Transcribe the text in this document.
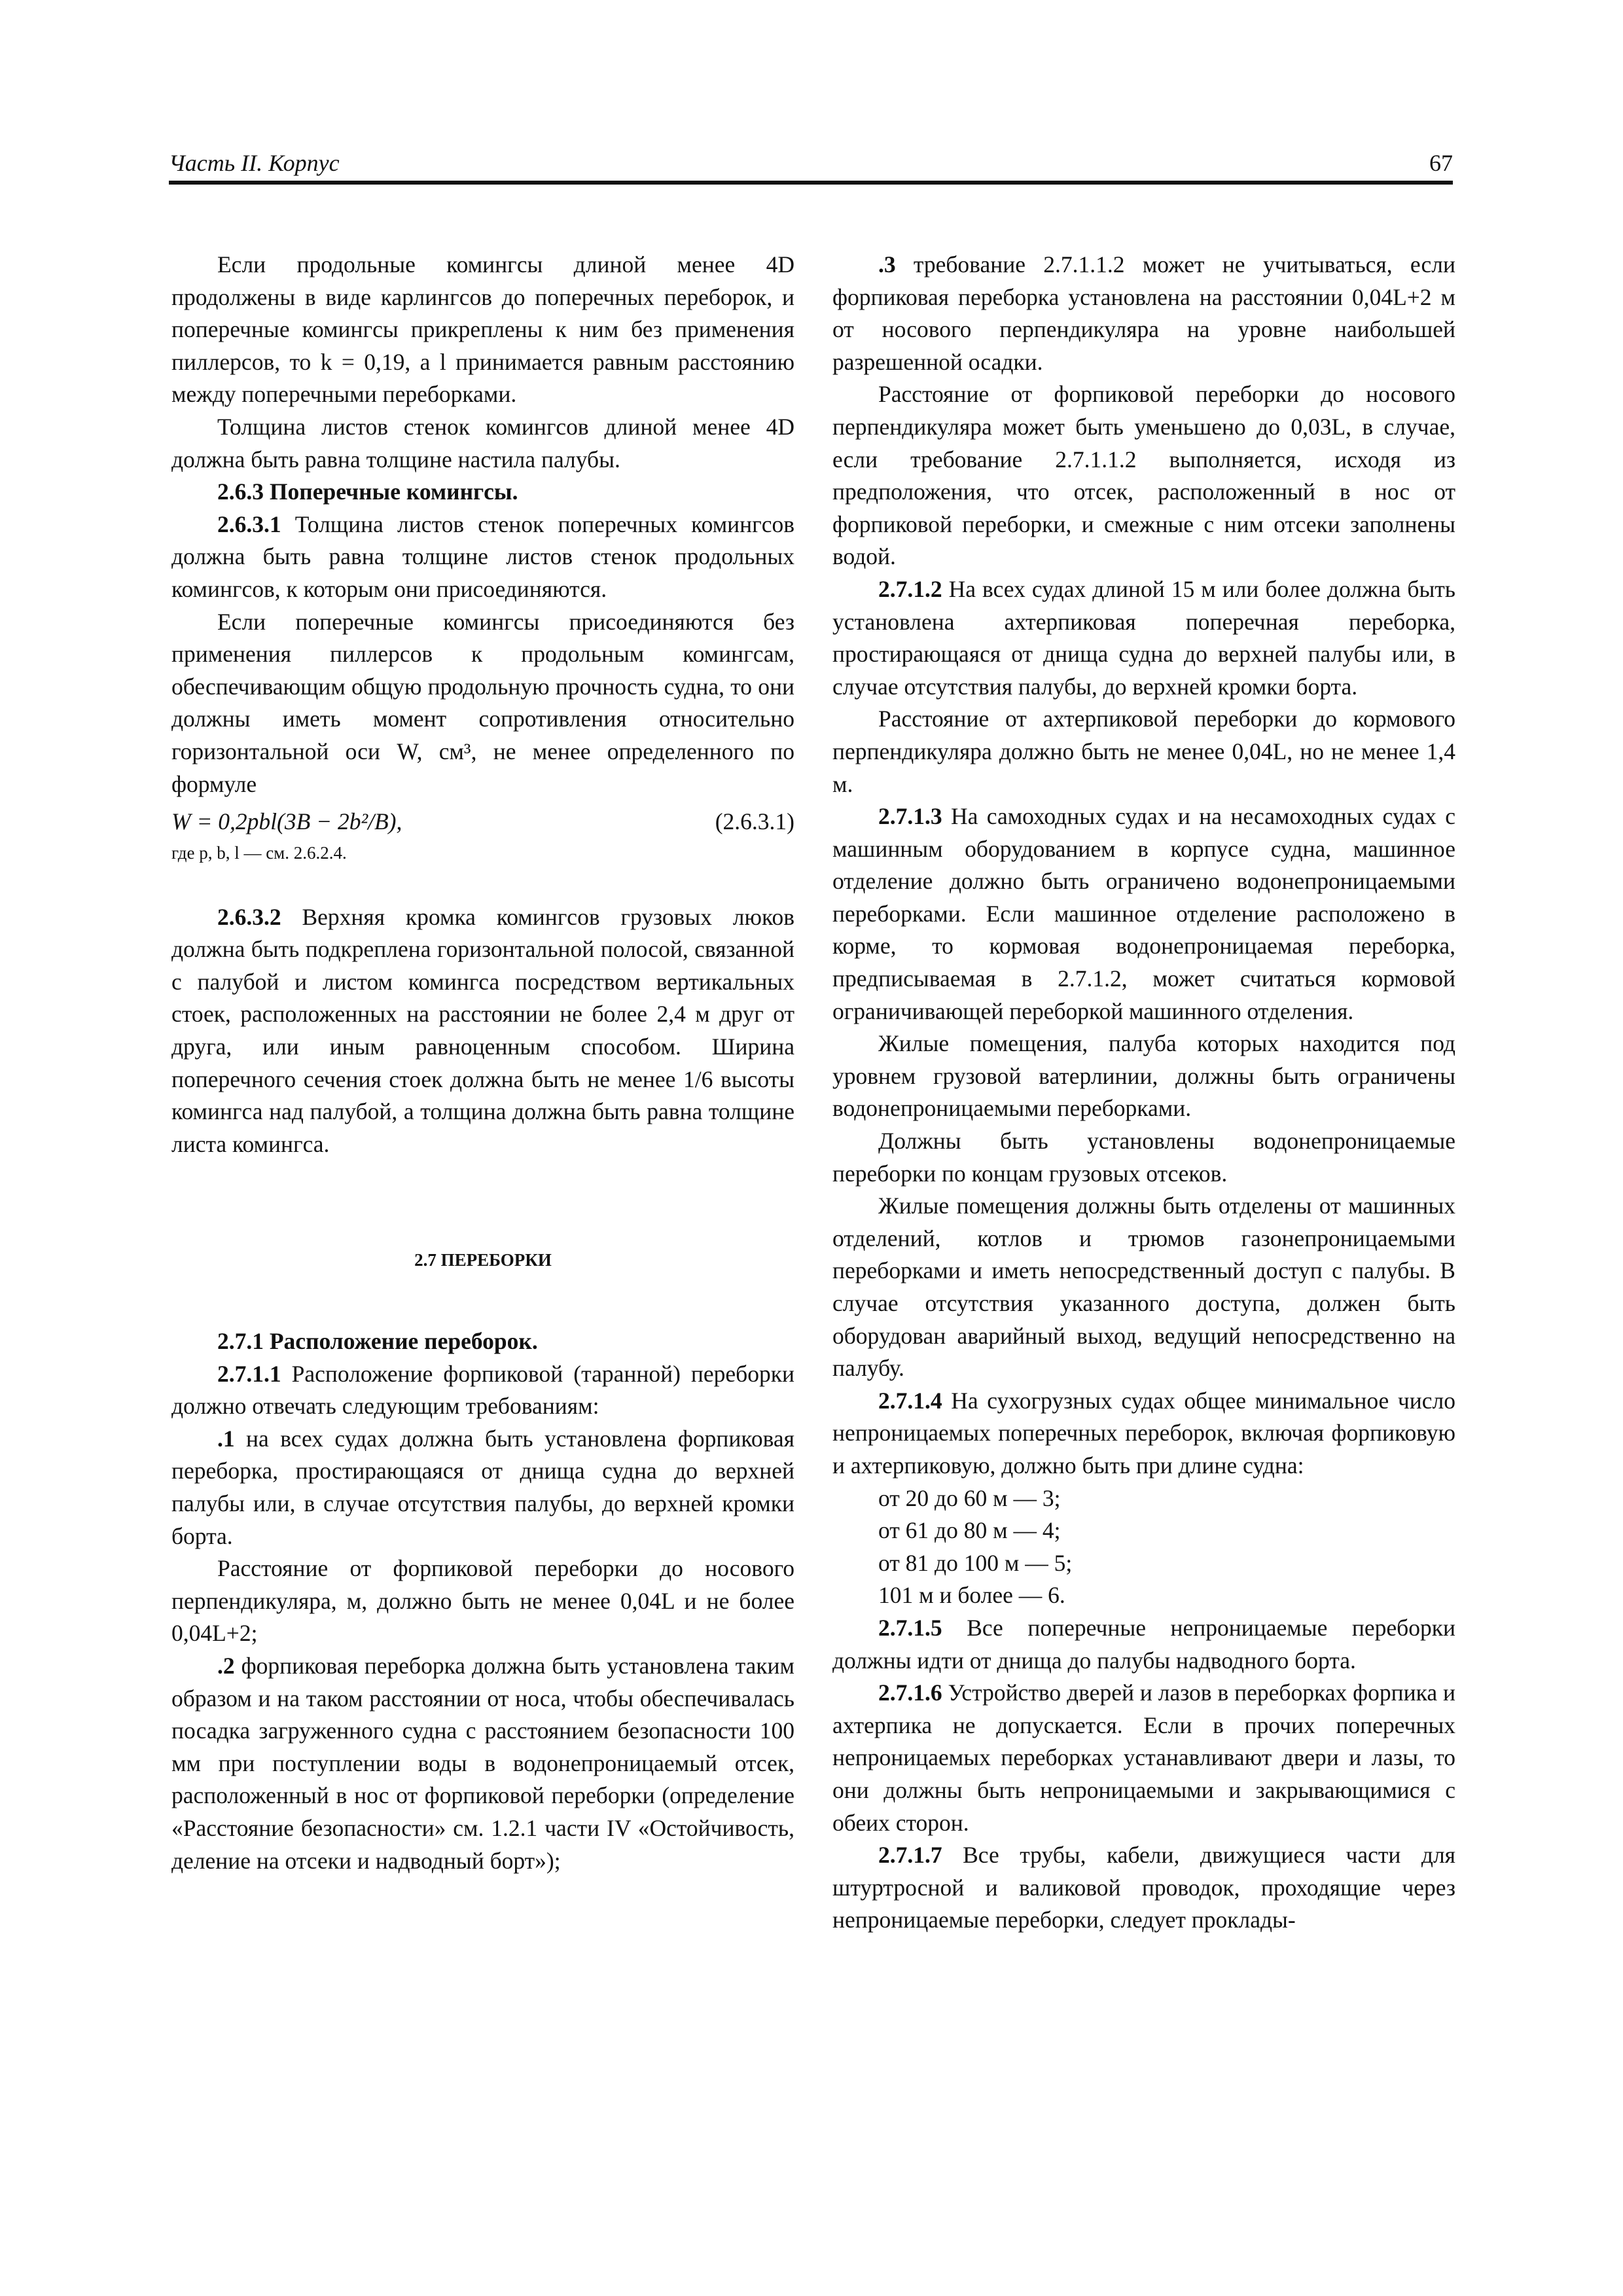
Часть II. Корпус	67

Если продольные комингсы длиной менее 4D продолжены в виде карлингсов до поперечных переборок, и поперечные комингсы прикреплены к ним без применения пиллерсов, то k = 0,19, а l принимается равным расстоянию между поперечными переборками.

Толщина листов стенок комингсов длиной менее 4D должна быть равна толщине настила палубы.

2.6.3 Поперечные комингсы.

2.6.3.1 Толщина листов стенок поперечных комингсов должна быть равна толщине листов стенок продольных комингсов, к которым они присоединяются.

Если поперечные комингсы присоединяются без применения пиллерсов к продольным комингсам, обеспечивающим общую продольную прочность судна, то они должны иметь момент сопротивления относительно горизонтальной оси W, см³, не менее определенного по формуле

W = 0,2pbl(3B − 2b²/B),	(2.6.3.1)
где p, b, l — см. 2.6.2.4.

2.6.3.2 Верхняя кромка комингсов грузовых люков должна быть подкреплена горизонтальной полосой, связанной с палубой и листом комингса посредством вертикальных стоек, расположенных на расстоянии не более 2,4 м друг от друга, или иным равноценным способом. Ширина поперечного сечения стоек должна быть не менее 1/6 высоты комингса над палубой, а толщина должна быть равна толщине листа комингса.

2.7 ПЕРЕБОРКИ

2.7.1 Расположение переборок.

2.7.1.1 Расположение форпиковой (таранной) переборки должно отвечать следующим требованиям:

.1 на всех судах должна быть установлена форпиковая переборка, простирающаяся от днища судна до верхней палубы или, в случае отсутствия палубы, до верхней кромки борта.

Расстояние от форпиковой переборки до носового перпендикуляра, м, должно быть не менее 0,04L и не более 0,04L+2;

.2 форпиковая переборка должна быть установлена таким образом и на таком расстоянии от носа, чтобы обеспечивалась посадка загруженного судна с расстоянием безопасности 100 мм при поступлении воды в водонепроницаемый отсек, расположенный в нос от форпиковой переборки (определение «Расстояние безопасности» см. 1.2.1 части IV «Остойчивость, деление на отсеки и надводный борт»);

.3 требование 2.7.1.1.2 может не учитываться, если форпиковая переборка установлена на расстоянии 0,04L+2 м от носового перпендикуляра на уровне наибольшей разрешенной осадки.

Расстояние от форпиковой переборки до носового перпендикуляра может быть уменьшено до 0,03L, в случае, если требование 2.7.1.1.2 выполняется, исходя из предположения, что отсек, расположенный в нос от форпиковой переборки, и смежные с ним отсеки заполнены водой.

2.7.1.2 На всех судах длиной 15 м или более должна быть установлена ахтерпиковая поперечная переборка, простирающаяся от днища судна до верхней палубы или, в случае отсутствия палубы, до верхней кромки борта.

Расстояние от ахтерпиковой переборки до кормового перпендикуляра должно быть не менее 0,04L, но не менее 1,4 м.

2.7.1.3 На самоходных судах и на несамоходных судах с машинным оборудованием в корпусе судна, машинное отделение должно быть ограничено водонепроницаемыми переборками. Если машинное отделение расположено в корме, то кормовая водонепроницаемая переборка, предписываемая в 2.7.1.2, может считаться кормовой ограничивающей переборкой машинного отделения.

Жилые помещения, палуба которых находится под уровнем грузовой ватерлинии, должны быть ограничены водонепроницаемыми переборками.

Должны быть установлены водонепроницаемые переборки по концам грузовых отсеков.

Жилые помещения должны быть отделены от машинных отделений, котлов и трюмов газонепроницаемыми переборками и иметь непосредственный доступ с палубы. В случае отсутствия указанного доступа, должен быть оборудован аварийный выход, ведущий непосредственно на палубу.

2.7.1.4 На сухогрузных судах общее минимальное число непроницаемых поперечных переборок, включая форпиковую и ахтерпиковую, должно быть при длине судна:

от 20 до 60 м — 3;
от 61 до 80 м — 4;
от 81 до 100 м — 5;
101 м и более — 6.

2.7.1.5 Все поперечные непроницаемые переборки должны идти от днища до палубы надводного борта.

2.7.1.6 Устройство дверей и лазов в переборках форпика и ахтерпика не допускается. Если в прочих поперечных непроницаемых переборках устанавливают двери и лазы, то они должны быть непроницаемыми и закрывающимися с обеих сторон.

2.7.1.7 Все трубы, кабели, движущиеся части для штуртросной и валиковой проводок, проходящие через непроницаемые переборки, следует проклады-
